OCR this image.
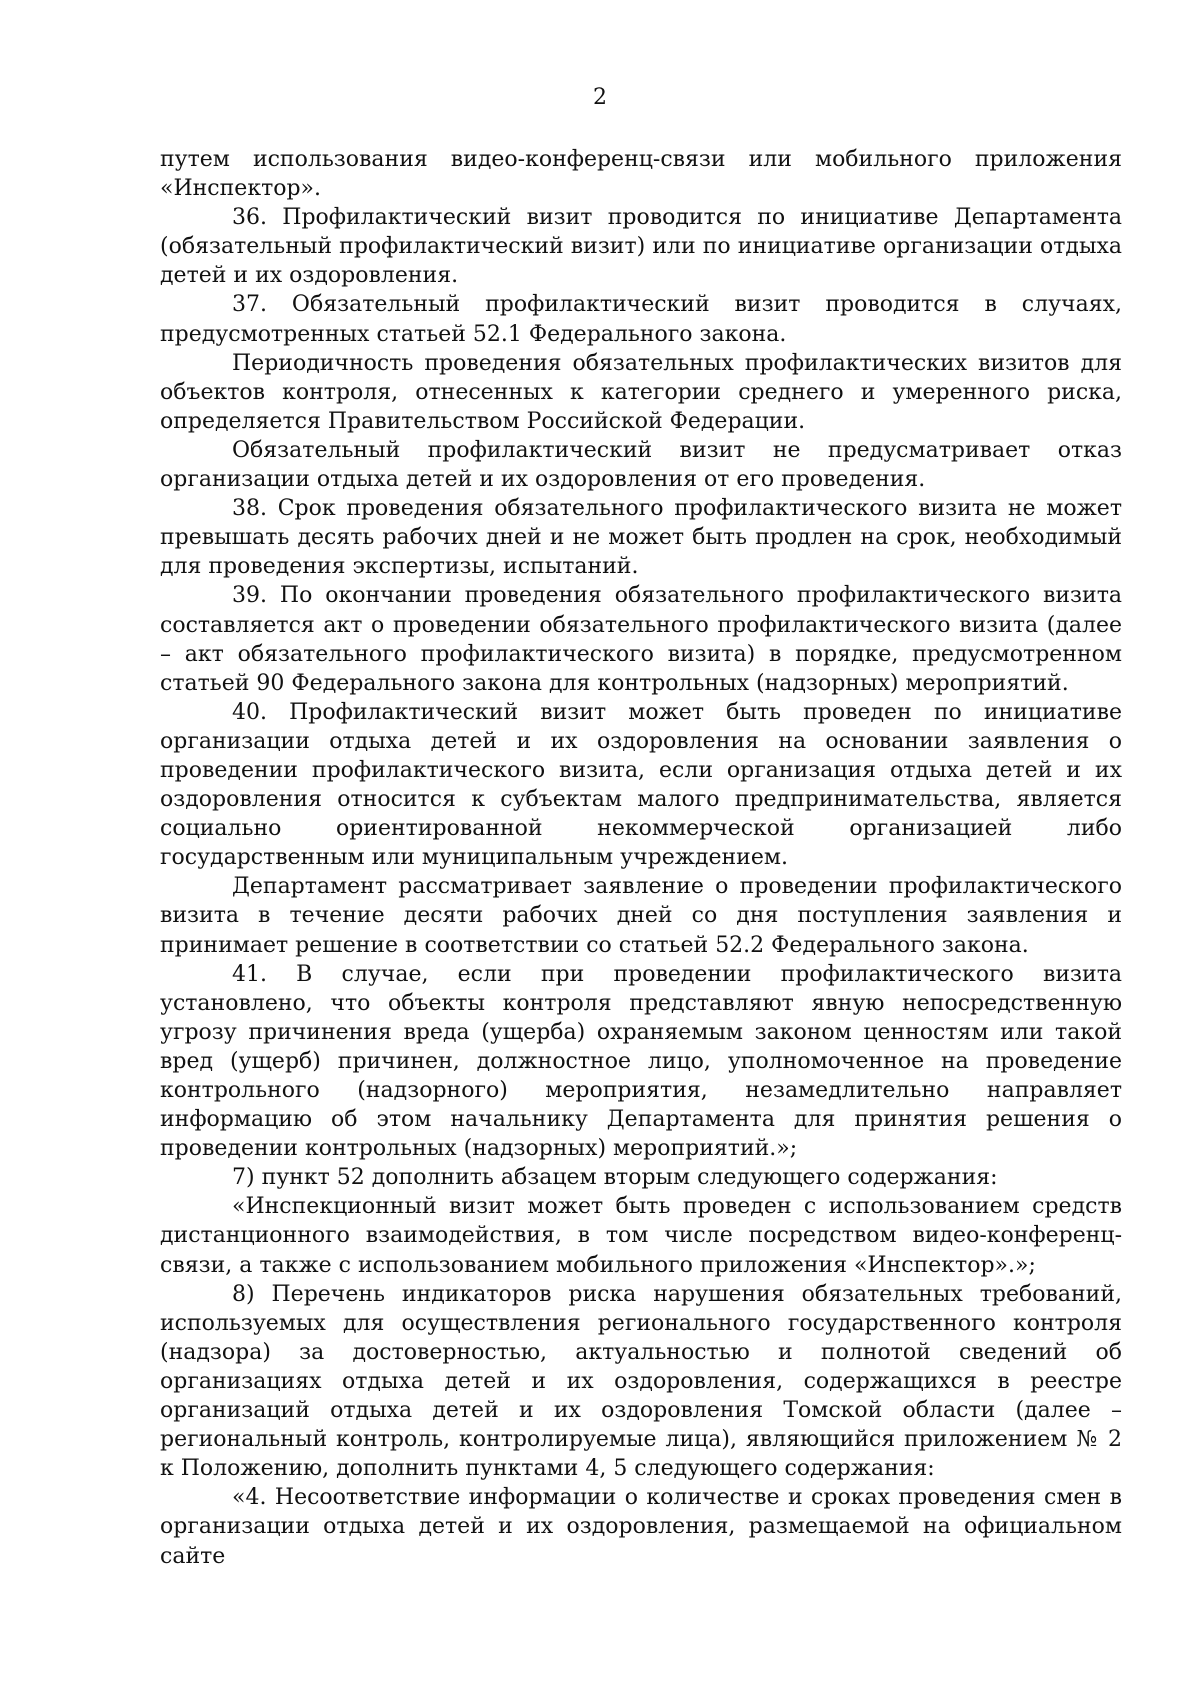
2

путем использования видео-конференц-связи или мобильного приложения «Инспектор».

36. Профилактический визит проводится по инициативе Департамента (обязательный профилактический визит) или по инициативе организации отдыха детей и их оздоровления.

37. Обязательный профилактический визит проводится в случаях, предусмотренных статьей 52.1 Федерального закона.

Периодичность проведения обязательных профилактических визитов для объектов контроля, отнесенных к категории среднего и умеренного риска, определяется Правительством Российской Федерации.

Обязательный профилактический визит не предусматривает отказ организации отдыха детей и их оздоровления от его проведения.

38. Срок проведения обязательного профилактического визита не может превышать десять рабочих дней и не может быть продлен на срок, необходимый для проведения экспертизы, испытаний.

39. По окончании проведения обязательного профилактического визита составляется акт о проведении обязательного профилактического визита (далее – акт обязательного профилактического визита) в порядке, предусмотренном статьей 90 Федерального закона для контрольных (надзорных) мероприятий.

40. Профилактический визит может быть проведен по инициативе организации отдыха детей и их оздоровления на основании заявления о проведении профилактического визита, если организация отдыха детей и их оздоровления относится к субъектам малого предпринимательства, является социально ориентированной некоммерческой организацией либо государственным или муниципальным учреждением.

Департамент рассматривает заявление о проведении профилактического визита в течение десяти рабочих дней со дня поступления заявления и принимает решение в соответствии со статьей 52.2 Федерального закона.

41. В случае, если при проведении профилактического визита установлено, что объекты контроля представляют явную непосредственную угрозу причинения вреда (ущерба) охраняемым законом ценностям или такой вред (ущерб) причинен, должностное лицо, уполномоченное на проведение контрольного (надзорного) мероприятия, незамедлительно направляет информацию об этом начальнику Департамента для принятия решения о проведении контрольных (надзорных) мероприятий.»;

7) пункт 52 дополнить абзацем вторым следующего содержания:

«Инспекционный визит может быть проведен с использованием средств дистанционного взаимодействия, в том числе посредством видео-конференц-связи, а также с использованием мобильного приложения «Инспектор».»;

8) Перечень индикаторов риска нарушения обязательных требований, используемых для осуществления регионального государственного контроля (надзора) за достоверностью, актуальностью и полнотой сведений об организациях отдыха детей и их оздоровления, содержащихся в реестре организаций отдыха детей и их оздоровления Томской области (далее – региональный контроль, контролируемые лица), являющийся приложением № 2 к Положению, дополнить пунктами 4, 5 следующего содержания:

«4. Несоответствие информации о количестве и сроках проведения смен в организации отдыха детей и их оздоровления, размещаемой на официальном сайте
